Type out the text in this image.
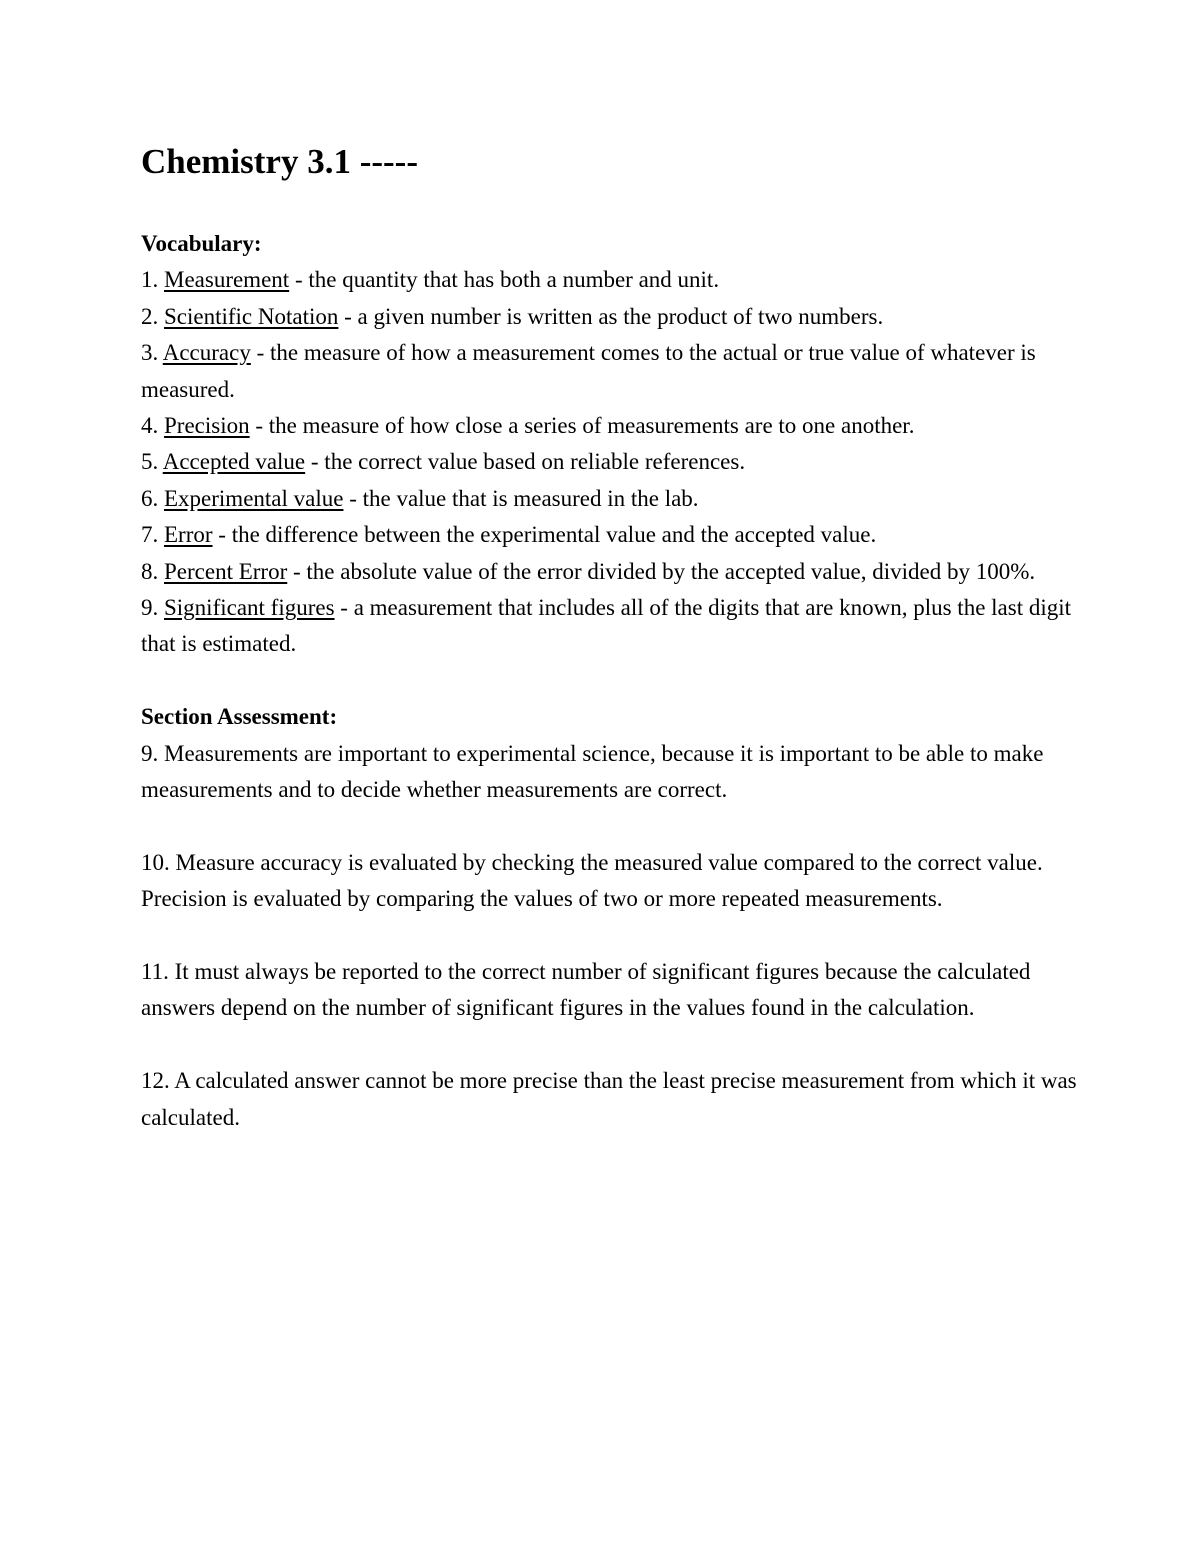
Chemistry 3.1 -----

Vocabulary:

1. Measurement - the quantity that has both a number and unit.
2. Scientific Notation - a given number is written as the product of two numbers.
3. Accuracy - the measure of how a measurement comes to the actual or true value of whatever is measured.
4. Precision - the measure of how close a series of measurements are to one another.
5. Accepted value - the correct value based on reliable references.
6. Experimental value - the value that is measured in the lab.
7. Error - the difference between the experimental value and the accepted value.
8. Percent Error - the absolute value of the error divided by the accepted value, divided by 100%.
9. Significant figures - a measurement that includes all of the digits that are known, plus the last digit that is estimated.

Section Assessment:

9. Measurements are important to experimental science, because it is important to be able to make measurements and to decide whether measurements are correct.

10. Measure accuracy is evaluated by checking the measured value compared to the correct value. Precision is evaluated by comparing the values of two or more repeated measurements.

11. It must always be reported to the correct number of significant figures because the calculated answers depend on the number of significant figures in the values found in the calculation.

12. A calculated answer cannot be more precise than the least precise measurement from which it was calculated.
